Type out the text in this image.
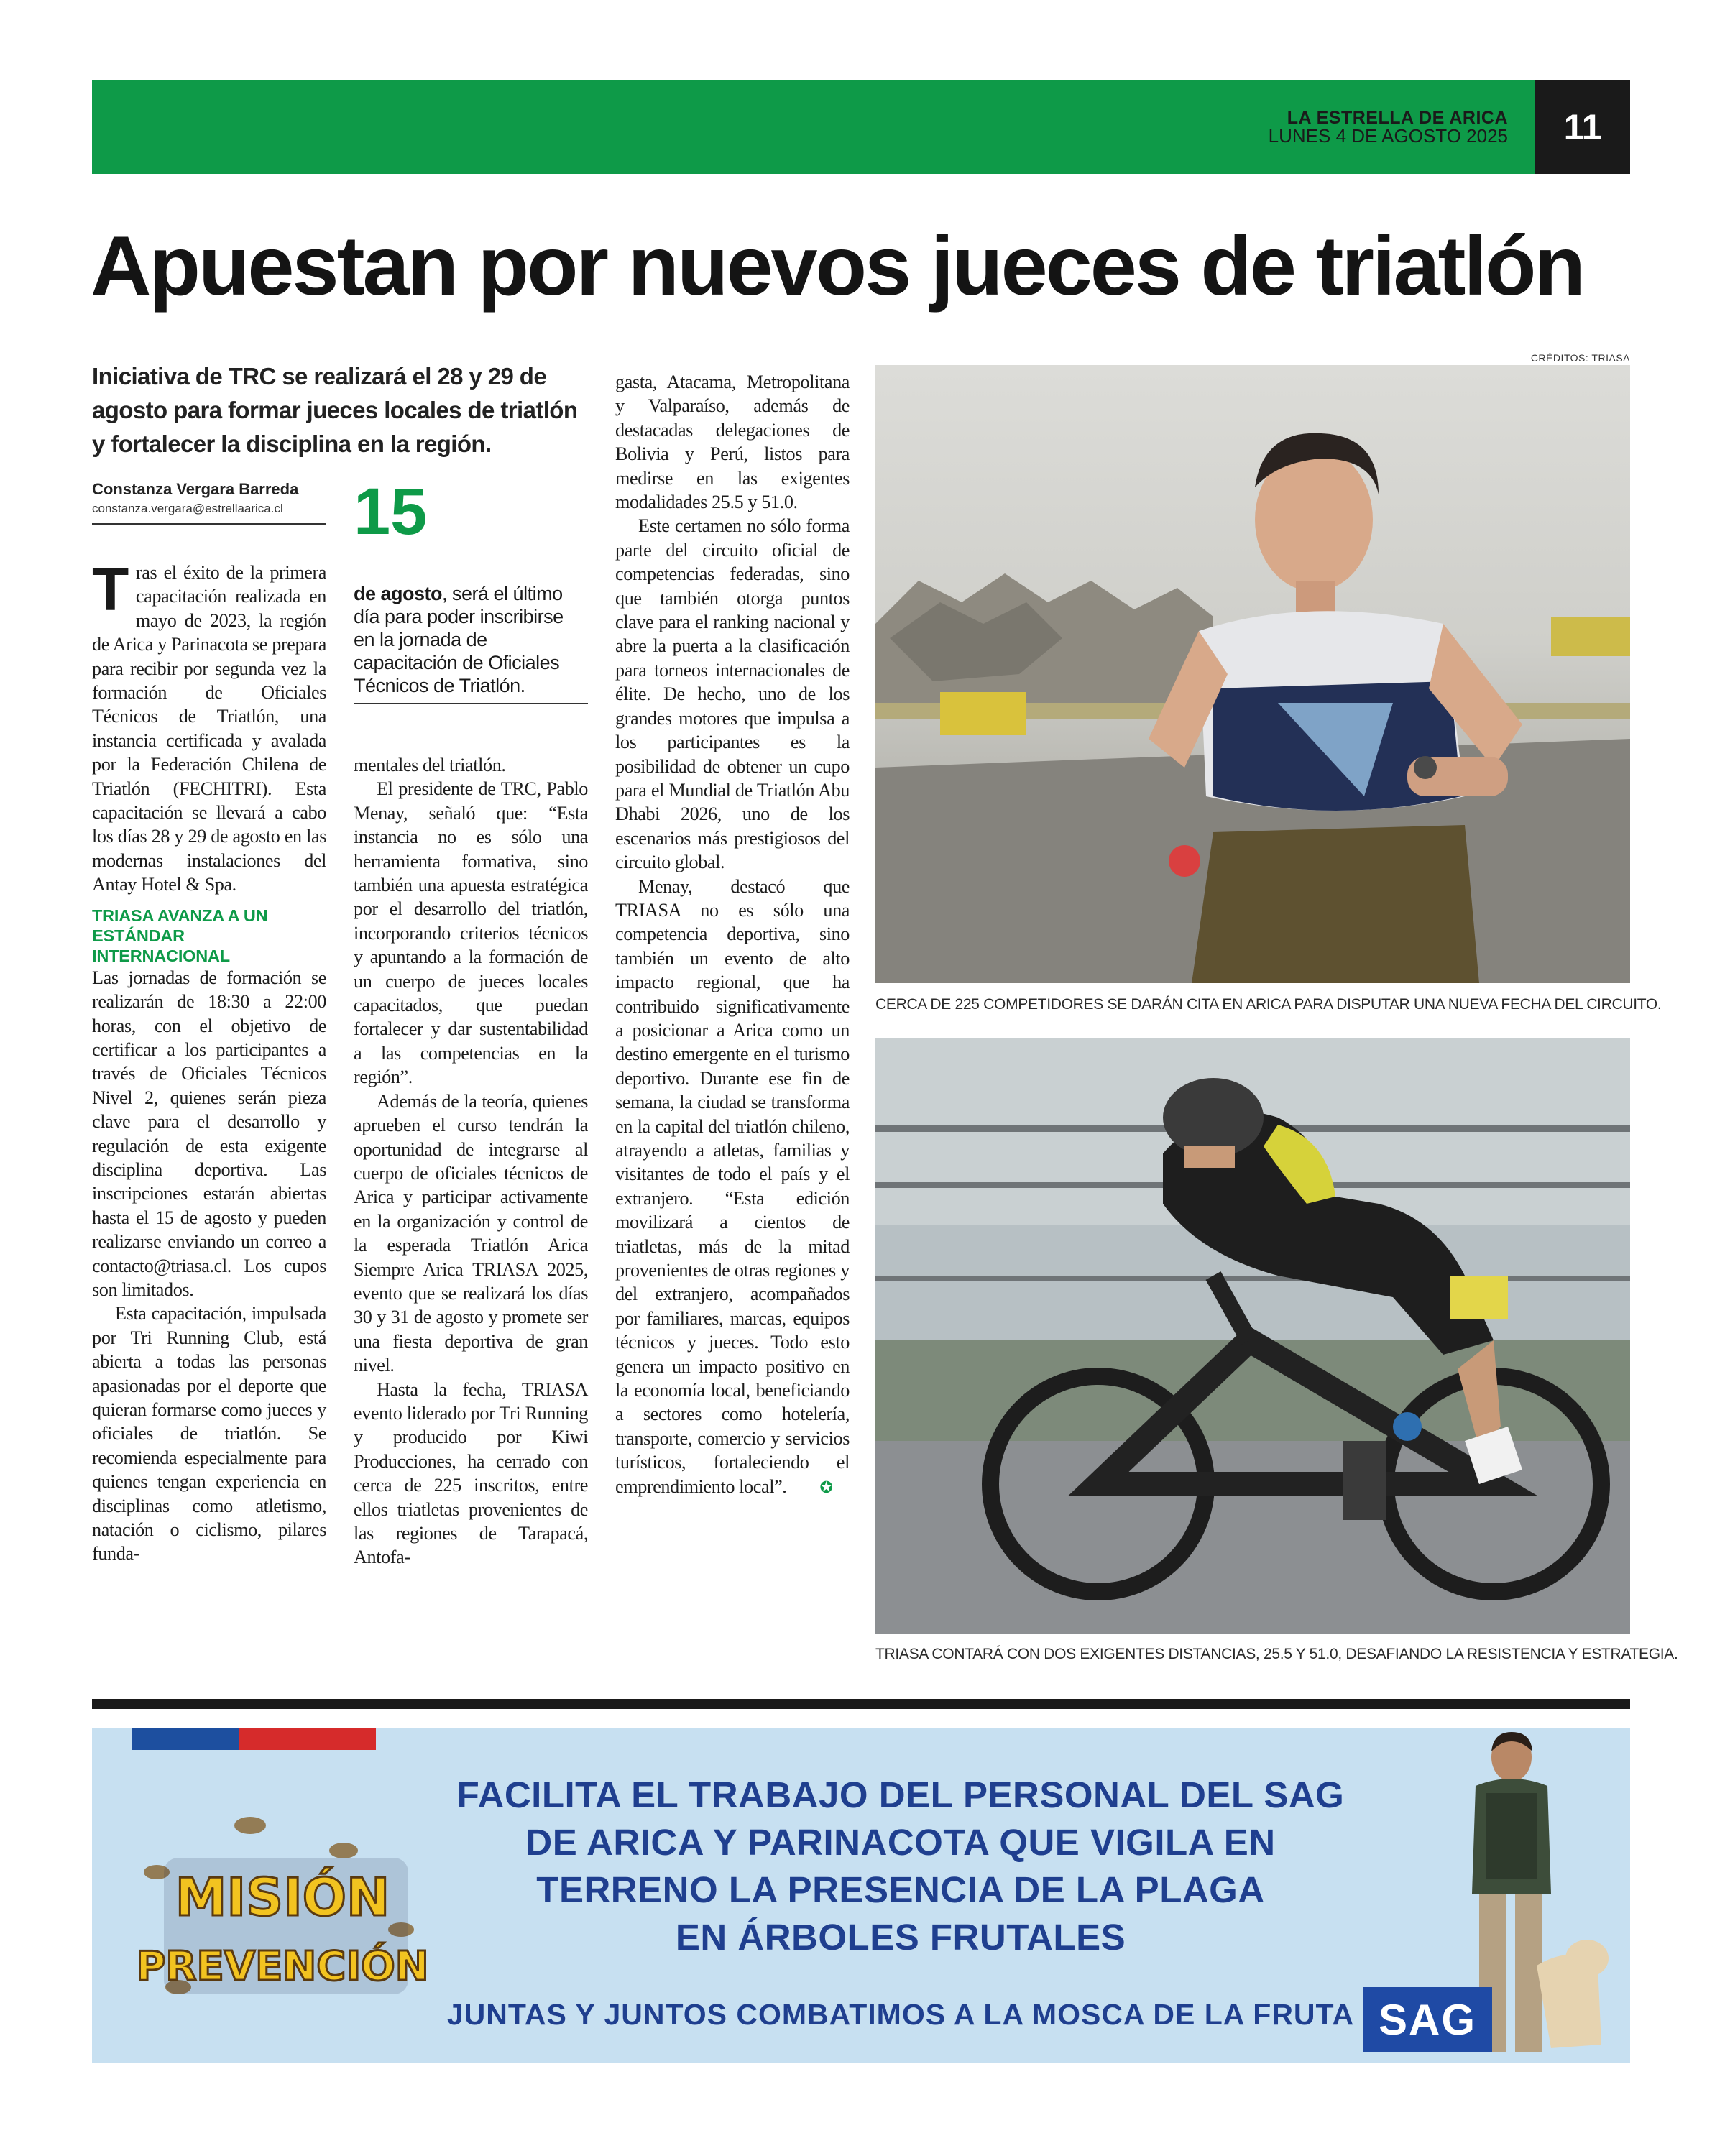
LA ESTRELLA DE ARICA
LUNES 4 DE AGOSTO 2025	11
Apuestan por nuevos jueces de triatlón
CRÉDITOS: TRIASA
Iniciativa de TRC se realizará el 28 y 29 de agosto para formar jueces locales de triatlón y fortalecer la disciplina en la región.
Constanza Vergara Barreda
constanza.vergara@estrellaarica.cl	15
de agosto, será el último día para poder inscribirse en la jornada de capacitación de Oficiales Técnicos de Triatlón.

Tras el éxito de la primera capacitación realizada en mayo de 2023, la región de Arica y Parinacota se prepara para recibir por segunda vez la formación de Oficiales Técnicos de Triatlón, una instancia certificada y avalada por la Federación Chilena de Triatlón (FECHITRI). Esta capacitación se llevará a cabo los días 28 y 29 de agosto en las modernas instalaciones del Antay Hotel & Spa.

TRIASA AVANZA A UN ESTÁNDAR INTERNACIONAL

Las jornadas de formación se realizarán de 18:30 a 22:00 horas, con el objetivo de certificar a los participantes a través de Oficiales Técnicos Nivel 2, quienes serán pieza clave para el desarrollo y regulación de esta exigente disciplina deportiva. Las inscripciones estarán abiertas hasta el 15 de agosto y pueden realizarse enviando un correo a contacto@triasa.cl. Los cupos son limitados.

Esta capacitación, impulsada por Tri Running Club, está abierta a todas las personas apasionadas por el deporte que quieran formarse como jueces y oficiales de triatlón. Se recomienda especialmente para quienes tengan experiencia en disciplinas como atletismo, natación o ciclismo, pilares funda-

mentales del triatlón.

El presidente de TRC, Pablo Menay, señaló que: “Esta instancia no es sólo una herramienta formativa, sino también una apuesta estratégica por el desarrollo del triatlón, incorporando criterios técnicos y apuntando a la formación de un cuerpo de jueces locales capacitados, que puedan fortalecer y dar sustentabilidad a las competencias en la región”.

Además de la teoría, quienes aprueben el curso tendrán la oportunidad de integrarse al cuerpo de oficiales técnicos de Arica y participar activamente en la organización y control de la esperada Triatlón Arica Siempre Arica TRIASA 2025, evento que se realizará los días 30 y 31 de agosto y promete ser una fiesta deportiva de gran nivel.

Hasta la fecha, TRIASA evento liderado por Tri Running y producido por Kiwi Producciones, ha cerrado con cerca de 225 inscritos, entre ellos triatletas provenientes de las regiones de Tarapacá, Antofa-

gasta, Atacama, Metropolitana y Valparaíso, además de destacadas delegaciones de Bolivia y Perú, listos para medirse en las exigentes modalidades 25.5 y 51.0.

Este certamen no sólo forma parte del circuito oficial de competencias federadas, sino que también otorga puntos clave para el ranking nacional y abre la puerta a la clasificación para torneos internacionales de élite. De hecho, uno de los grandes motores que impulsa a los participantes es la posibilidad de obtener un cupo para el Mundial de Triatlón Abu Dhabi 2026, uno de los escenarios más prestigiosos del circuito global.

Menay, destacó que TRIASA no es sólo una competencia deportiva, sino también un evento de alto impacto regional, que ha contribuido significativamente a posicionar a Arica como un destino emergente en el turismo deportivo. Durante ese fin de semana, la ciudad se transforma en la capital del triatlón chileno, atrayendo a atletas, familias y visitantes de todo el país y el extranjero. “Esta edición movilizará a cientos de triatletas, más de la mitad provenientes de otras regiones y del extranjero, acompañados por familiares, marcas, equipos técnicos y jueces. Todo esto genera un impacto positivo en la economía local, beneficiando a sectores como hotelería, transporte, comercio y servicios turísticos, fortaleciendo el emprendimiento local”. ✪

CERCA DE 225 COMPETIDORES SE DARÁN CITA EN ARICA PARA DISPUTAR UNA NUEVA FECHA DEL CIRCUITO.
TRIASA CONTARÁ CON DOS EXIGENTES DISTANCIAS, 25.5 Y 51.0, DESAFIANDO LA RESISTENCIA Y ESTRATEGIA.
MISIÓN
PREVENCIÓN
FACILITA EL TRABAJO DEL PERSONAL DEL SAG
DE ARICA Y PARINACOTA QUE VIGILA EN
TERRENO LA PRESENCIA DE LA PLAGA
EN ÁRBOLES FRUTALES
JUNTAS Y JUNTOS COMBATIMOS A LA MOSCA DE LA FRUTA SAG
